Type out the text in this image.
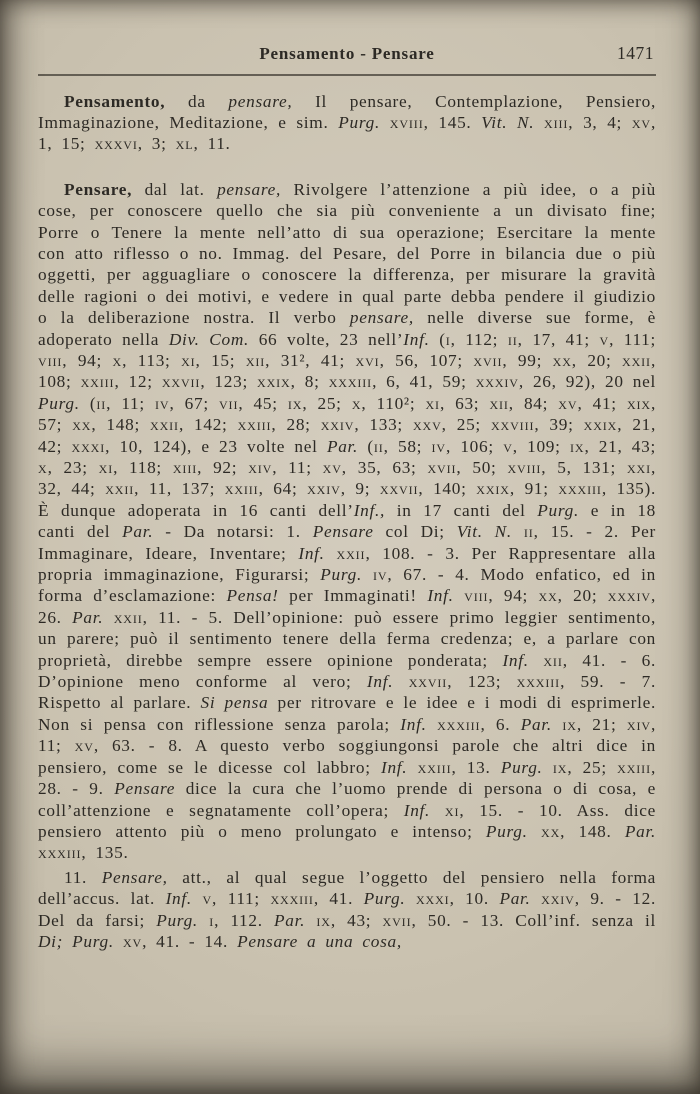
Pensamento - Pensare	1471

Pensamento, da pensare, Il pensare, Contemplazione, Pensiero, Immaginazione, Meditazione, e sim. Purg. xviii, 145. Vit. N. xiii, 3, 4; xv, 1, 15; xxxvi, 3; xl, 11.

Pensare, dal lat. pensare, Rivolgere l’attenzione a più idee, o a più cose, per conoscere quello che sia più conveniente a un divisato fine; Porre o Tenere la mente nell’atto di sua operazione; Esercitare la mente con atto riflesso o no. Immag. del Pesare, del Porre in bilancia due o più oggetti, per agguagliare o conoscere la differenza, per misurare la gravità delle ragioni o dei motivi, e vedere in qual parte debba pendere il giudizio o la deliberazione nostra. Il verbo pensare, nelle diverse sue forme, è adoperato nella Div. Com. 66 volte, 23 nell’Inf. (i, 112; ii, 17, 41; v, 111; viii, 94; x, 113; xi, 15; xii, 31², 41; xvi, 56, 107; xvii, 99; xx, 20; xxii, 108; xxiii, 12; xxvii, 123; xxix, 8; xxxiii, 6, 41, 59; xxxiv, 26, 92), 20 nel Purg. (ii, 11; iv, 67; vii, 45; ix, 25; x, 110²; xi, 63; xii, 84; xv, 41; xix, 57; xx, 148; xxii, 142; xxiii, 28; xxiv, 133; xxv, 25; xxviii, 39; xxix, 21, 42; xxxi, 10, 124), e 23 volte nel Par. (ii, 58; iv, 106; v, 109; ix, 21, 43; x, 23; xi, 118; xiii, 92; xiv, 11; xv, 35, 63; xvii, 50; xviii, 5, 131; xxi, 32, 44; xxii, 11, 137; xxiii, 64; xxiv, 9; xxvii, 140; xxix, 91; xxxiii, 135). È dunque adoperata in 16 canti dell’Inf., in 17 canti del Purg. e in 18 canti del Par. - Da notarsi: 1. Pensare col Di; Vit. N. ii, 15. - 2. Per Immaginare, Ideare, Inventare; Inf. xxii, 108. - 3. Per Rappresentare alla propria immaginazione, Figurarsi; Purg. iv, 67. - 4. Modo enfatico, ed in forma d’esclamazione: Pensa! per Immaginati! Inf. viii, 94; xx, 20; xxxiv, 26. Par. xxii, 11. - 5. Dell’opinione: può essere primo leggier sentimento, un parere; può il sentimento tenere della ferma credenza; e, a parlare con proprietà, direbbe sempre essere opinione ponderata; Inf. xii, 41. - 6. D’opinione meno conforme al vero; Inf. xxvii, 123; xxxiii, 59. - 7. Rispetto al parlare. Si pensa per ritrovare e le idee e i modi di esprimerle. Non si pensa con riflessione senza parola; Inf. xxxiii, 6. Par. ix, 21; xiv, 11; xv, 63. - 8. A questo verbo soggiungonsi parole che altri dice in pensiero, come se le dicesse col labbro; Inf. xxiii, 13. Purg. ix, 25; xxiii, 28. - 9. Pensare dice la cura che l’uomo prende di persona o di cosa, e coll’attenzione e segnatamente coll’opera; Inf. xi, 15. - 10. Ass. dice pensiero attento più o meno prolungato e intenso; Purg. xx, 148. Par. xxxiii, 135.

11. Pensare, att., al qual segue l’oggetto del pensiero nella forma dell’accus. lat. Inf. v, 111; xxxiii, 41. Purg. xxxi, 10. Par. xxiv, 9. - 12. Del da farsi; Purg. i, 112. Par. ix, 43; xvii, 50. - 13. Coll’inf. senza il Di; Purg. xv, 41. - 14. Pensare a una cosa,
